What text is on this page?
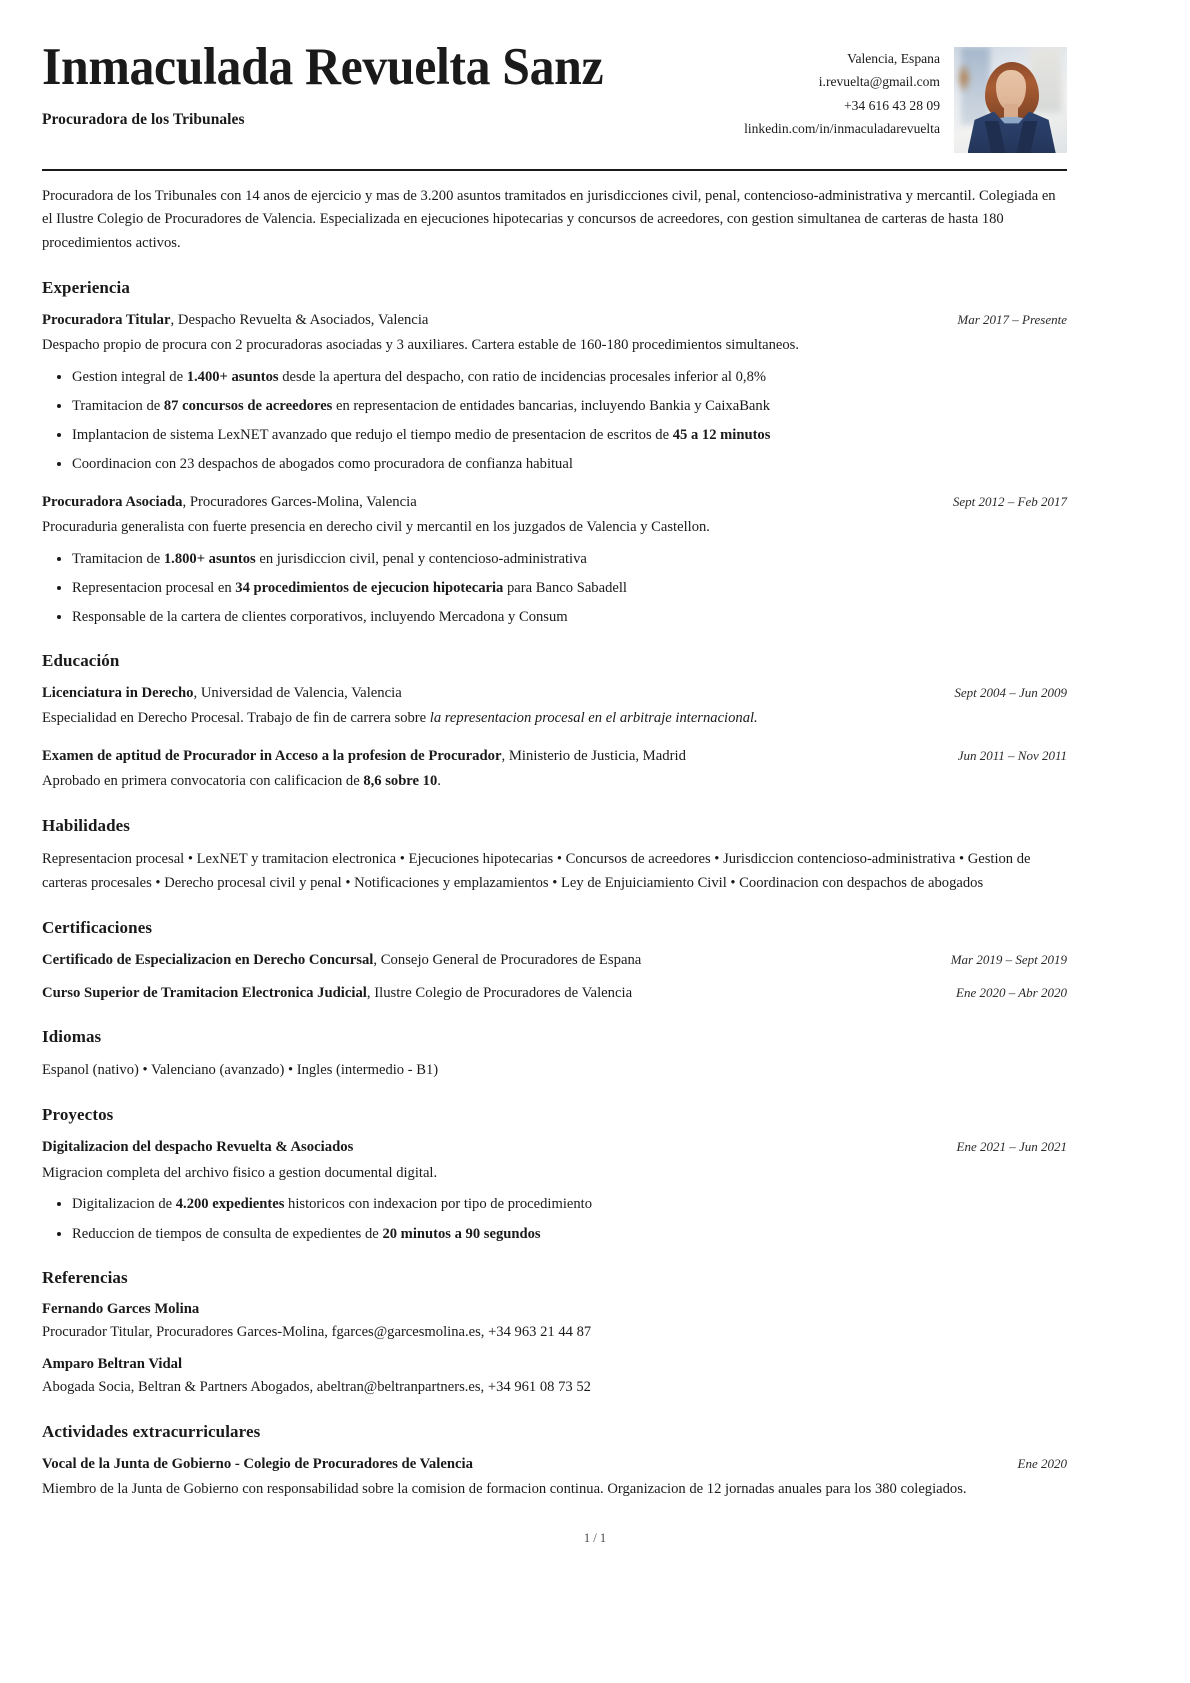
Inmaculada Revuelta Sanz
Procuradora de los Tribunales
Valencia, Espana
i.revuelta@gmail.com
+34 616 43 28 09
linkedin.com/in/inmaculadarevuelta
Procuradora de los Tribunales con 14 anos de ejercicio y mas de 3.200 asuntos tramitados en jurisdicciones civil, penal, contencioso-administrativa y mercantil. Colegiada en el Ilustre Colegio de Procuradores de Valencia. Especializada en ejecuciones hipotecarias y concursos de acreedores, con gestion simultanea de carteras de hasta 180 procedimientos activos.
Experiencia
Procuradora Titular, Despacho Revuelta & Asociados, Valencia	Mar 2017 – Presente
Despacho propio de procura con 2 procuradoras asociadas y 3 auxiliares. Cartera estable de 160-180 procedimientos simultaneos.
Gestion integral de 1.400+ asuntos desde la apertura del despacho, con ratio de incidencias procesales inferior al 0,8%
Tramitacion de 87 concursos de acreedores en representacion de entidades bancarias, incluyendo Bankia y CaixaBank
Implantacion de sistema LexNET avanzado que redujo el tiempo medio de presentacion de escritos de 45 a 12 minutos
Coordinacion con 23 despachos de abogados como procuradora de confianza habitual
Procuradora Asociada, Procuradores Garces-Molina, Valencia	Sept 2012 – Feb 2017
Procuraduria generalista con fuerte presencia en derecho civil y mercantil en los juzgados de Valencia y Castellon.
Tramitacion de 1.800+ asuntos en jurisdiccion civil, penal y contencioso-administrativa
Representacion procesal en 34 procedimientos de ejecucion hipotecaria para Banco Sabadell
Responsable de la cartera de clientes corporativos, incluyendo Mercadona y Consum
Educación
Licenciatura in Derecho, Universidad de Valencia, Valencia	Sept 2004 – Jun 2009
Especialidad en Derecho Procesal. Trabajo de fin de carrera sobre la representacion procesal en el arbitraje internacional.
Examen de aptitud de Procurador in Acceso a la profesion de Procurador, Ministerio de Justicia, Madrid	Jun 2011 – Nov 2011
Aprobado en primera convocatoria con calificacion de 8,6 sobre 10.
Habilidades
Representacion procesal • LexNET y tramitacion electronica • Ejecuciones hipotecarias • Concursos de acreedores • Jurisdiccion contencioso-administrativa • Gestion de carteras procesales • Derecho procesal civil y penal • Notificaciones y emplazamientos • Ley de Enjuiciamiento Civil • Coordinacion con despachos de abogados
Certificaciones
Certificado de Especializacion en Derecho Concursal, Consejo General de Procuradores de Espana	Mar 2019 – Sept 2019
Curso Superior de Tramitacion Electronica Judicial, Ilustre Colegio de Procuradores de Valencia	Ene 2020 – Abr 2020
Idiomas
Espanol (nativo) • Valenciano (avanzado) • Ingles (intermedio - B1)
Proyectos
Digitalizacion del despacho Revuelta & Asociados	Ene 2021 – Jun 2021
Migracion completa del archivo fisico a gestion documental digital.
Digitalizacion de 4.200 expedientes historicos con indexacion por tipo de procedimiento
Reduccion de tiempos de consulta de expedientes de 20 minutos a 90 segundos
Referencias
Fernando Garces Molina
Procurador Titular, Procuradores Garces-Molina, fgarces@garcesmolina.es, +34 963 21 44 87
Amparo Beltran Vidal
Abogada Socia, Beltran & Partners Abogados, abeltran@beltranpartners.es, +34 961 08 73 52
Actividades extracurriculares
Vocal de la Junta de Gobierno - Colegio de Procuradores de Valencia	Ene 2020
Miembro de la Junta de Gobierno con responsabilidad sobre la comision de formacion continua. Organizacion de 12 jornadas anuales para los 380 colegiados.
1 / 1
